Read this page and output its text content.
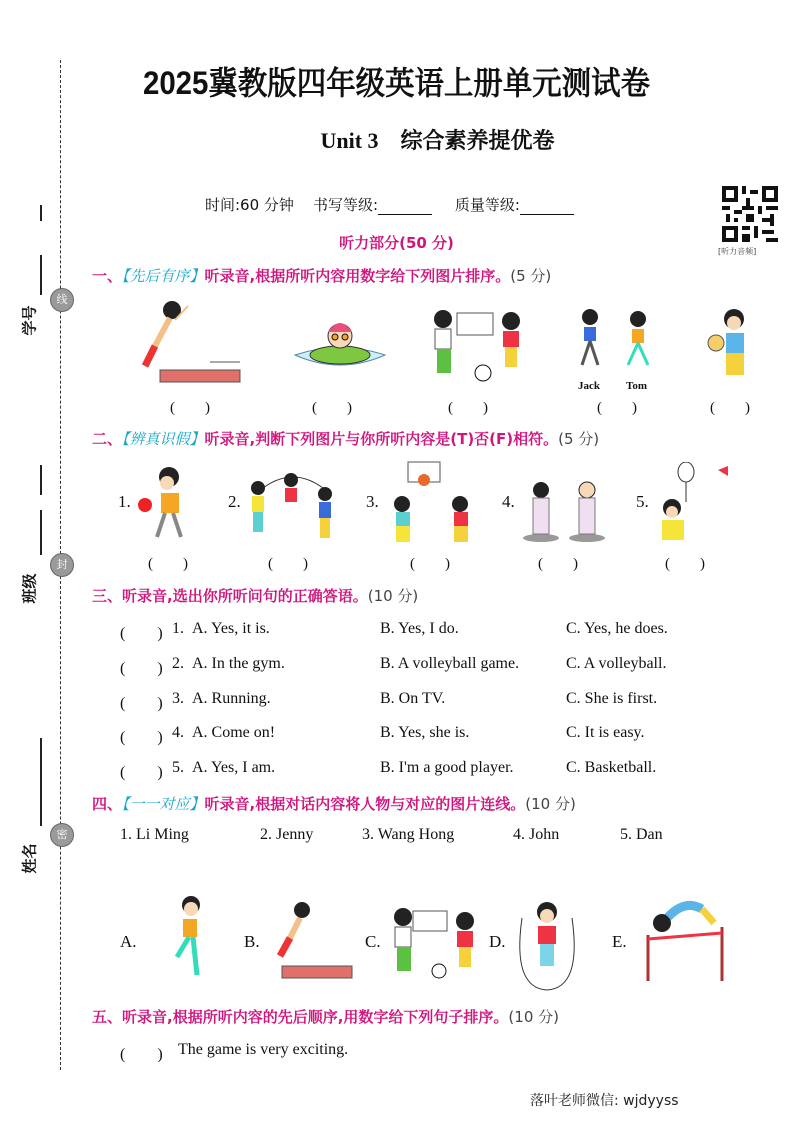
线
学号
封
班级
密
姓名
2025冀教版四年级英语上册单元测试卷
Unit 3　综合素养提优卷
时间:60 分钟 书写等级:	质量等级:
[听力音频]
听力部分(50 分)
一、【先后有序】听录音,根据所听内容用数字给下列图片排序。(5 分)
Jack Tom
(　　)	(　　)	(　　)	(　　)	(　　)
二、【辨真识假】听录音,判断下列图片与你所听内容是(T)否(F)相符。(5 分)
1.	2.	3.	4.	5.
(　　)	(　　)	(　　)	(　　)	(　　)
三、听录音,选出你所听问句的正确答语。(10 分)
(　　) 1. A. Yes, it is.	B. Yes, I do.	C. Yes, he does.
(　　) 2. A. In the gym.	B. A volleyball game.	C. A volleyball.
(　　) 3. A. Running.	B. On TV.	C. She is first.
(　　) 4. A. Come on!	B. Yes, she is.	C. It is easy.
(　　) 5. A. Yes, I am.	B. I'm a good player.	C. Basketball.
四、【一一对应】听录音,根据对话内容将人物与对应的图片连线。(10 分)
1. Li Ming	2. Jenny	3. Wang Hong	4. John	5. Dan
A.	B.	C.	D.	E.
五、听录音,根据所听内容的先后顺序,用数字给下列句子排序。(10 分)
(　　) The game is very exciting.
落叶老师微信: wjdyyss
